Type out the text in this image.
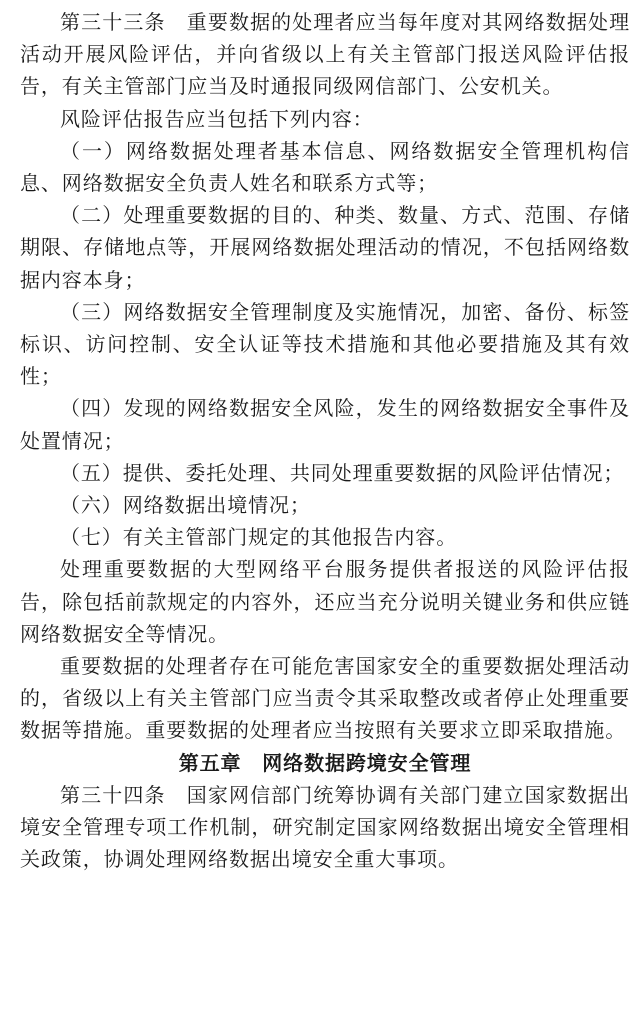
第三十三条　重要数据的处理者应当每年度对其网络数据处理活动开展风险评估，并向省级以上有关主管部门报送风险评估报告，有关主管部门应当及时通报同级网信部门、公安机关。

风险评估报告应当包括下列内容：

（一）网络数据处理者基本信息、网络数据安全管理机构信息、网络数据安全负责人姓名和联系方式等；

（二）处理重要数据的目的、种类、数量、方式、范围、存储期限、存储地点等，开展网络数据处理活动的情况，不包括网络数据内容本身；

（三）网络数据安全管理制度及实施情况，加密、备份、标签标识、访问控制、安全认证等技术措施和其他必要措施及其有效性；

（四）发现的网络数据安全风险，发生的网络数据安全事件及处置情况；

（五）提供、委托处理、共同处理重要数据的风险评估情况；

（六）网络数据出境情况；

（七）有关主管部门规定的其他报告内容。

处理重要数据的大型网络平台服务提供者报送的风险评估报告，除包括前款规定的内容外，还应当充分说明关键业务和供应链网络数据安全等情况。

重要数据的处理者存在可能危害国家安全的重要数据处理活动的，省级以上有关主管部门应当责令其采取整改或者停止处理重要数据等措施。重要数据的处理者应当按照有关要求立即采取措施。

第五章　网络数据跨境安全管理

第三十四条　国家网信部门统筹协调有关部门建立国家数据出境安全管理专项工作机制，研究制定国家网络数据出境安全管理相关政策，协调处理网络数据出境安全重大事项。
